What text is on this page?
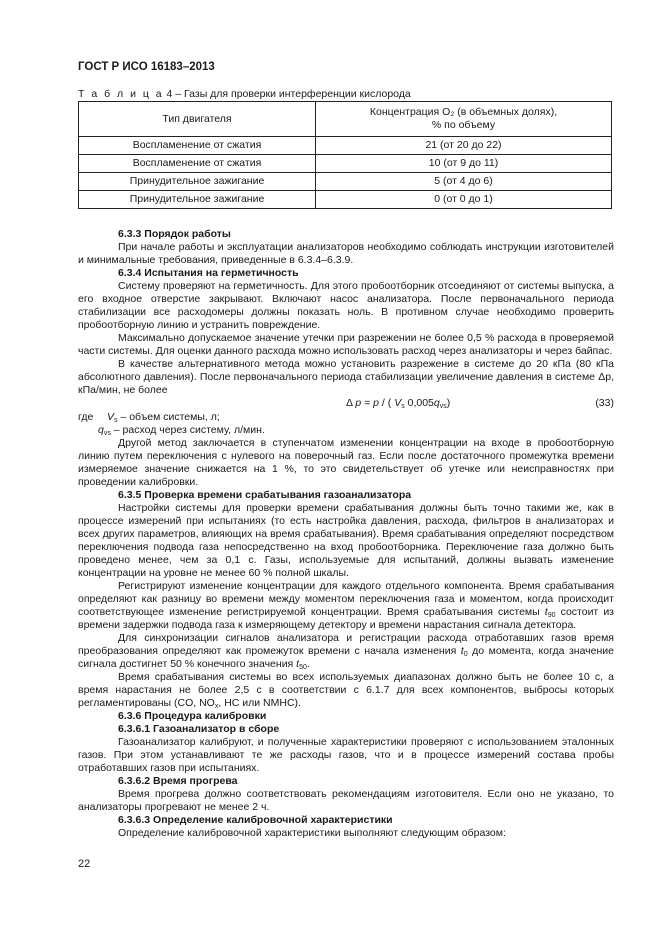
ГОСТ Р ИСО 16183–2013
Т а б л и ц а 4 – Газы для проверки интерференции кислорода
Тип двигателя	Концентрация O₂ (в объемных долях),
% по объему
Воспламенение от сжатия	21 (от 20 до 22)
Воспламенение от сжатия	10 (от 9 до 11)
Принудительное зажигание	5 (от 4 до 6)
Принудительное зажигание	0 (от 0 до 1)

6.3.3 Порядок работы

При начале работы и эксплуатации анализаторов необходимо соблюдать инструкции изготовителей и минимальные требования, приведенные в 6.3.4–6.3.9.

6.3.4 Испытания на герметичность

Систему проверяют на герметичность. Для этого пробоотборник отсоединяют от системы выпуска, а его входное отверстие закрывают. Включают насос анализатора. После первоначального периода стабилизации все расходомеры должны показать ноль. В противном случае необходимо проверить пробоотборную линию и устранить повреждение.

Максимально допускаемое значение утечки при разрежении не более 0,5 % расхода в проверяемой части системы. Для оценки данного расхода можно использовать расход через анализаторы и через байпас.

В качестве альтернативного метода можно установить разрежение в системе до 20 кПа (80 кПа абсолютного давления). После первоначального периода стабилизации увеличение давления в системе Δp, кПа/мин, не более

Δ p = p / ( $V_s$ $0,005q_{vs}$)	(33)
где $V_s$ – объем системы, л;
$q_{vs}$ – расход через систему, л/мин.

Другой метод заключается в ступенчатом изменении концентрации на входе в пробоотборную линию путем переключения с нулевого на поверочный газ. Если после достаточного промежутка времени измеряемое значение снижается на 1 %, то это свидетельствует об утечке или неисправностях при проведении калибровки.

6.3.5 Проверка времени срабатывания газоанализатора

Настройки системы для проверки времени срабатывания должны быть точно такими же, как в процессе измерений при испытаниях (то есть настройка давления, расхода, фильтров в анализаторах и всех других параметров, влияющих на время срабатывания). Время срабатывания определяют посредством переключения подвода газа непосредственно на вход пробоотборника. Переключение газа должно быть проведено менее, чем за 0,1 с. Газы, используемые для испытаний, должны вызвать изменение концентрации на уровне не менее 60 % полной шкалы.

Регистрируют изменение концентрации для каждого отдельного компонента. Время срабатывания определяют как разницу во времени между моментом переключения газа и моментом, когда происходит соответствующее изменение регистрируемой концентрации. Время срабатывания системы $t_{90}$ состоит из времени задержки подвода газа к измеряющему детектору и времени нарастания сигнала детектора.

Для синхронизации сигналов анализатора и регистрации расхода отработавших газов время преобразования определяют как промежуток времени с начала изменения $t_0$ до момента, когда значение сигнала достигнет 50 % конечного значения $t_{50}$.

Время срабатывания системы во всех используемых диапазонах должно быть не более 10 с, а время нарастания не более 2,5 с в соответствии с 6.1.7 для всех компонентов, выбросы которых регламентированы (CO, $NO_x$, HC или NMHC).

6.3.6 Процедура калибровки

6.3.6.1 Газоанализатор в сборе

Газоанализатор калибруют, и полученные характеристики проверяют с использованием эталонных газов. При этом устанавливают те же расходы газов, что и в процессе измерений состава пробы отработавших газов при испытаниях.

6.3.6.2 Время прогрева

Время прогрева должно соответствовать рекомендациям изготовителя. Если оно не указано, то анализаторы прогревают не менее 2 ч.

6.3.6.3 Определение калибровочной характеристики

Определение калибровочной характеристики выполняют следующим образом:

22
